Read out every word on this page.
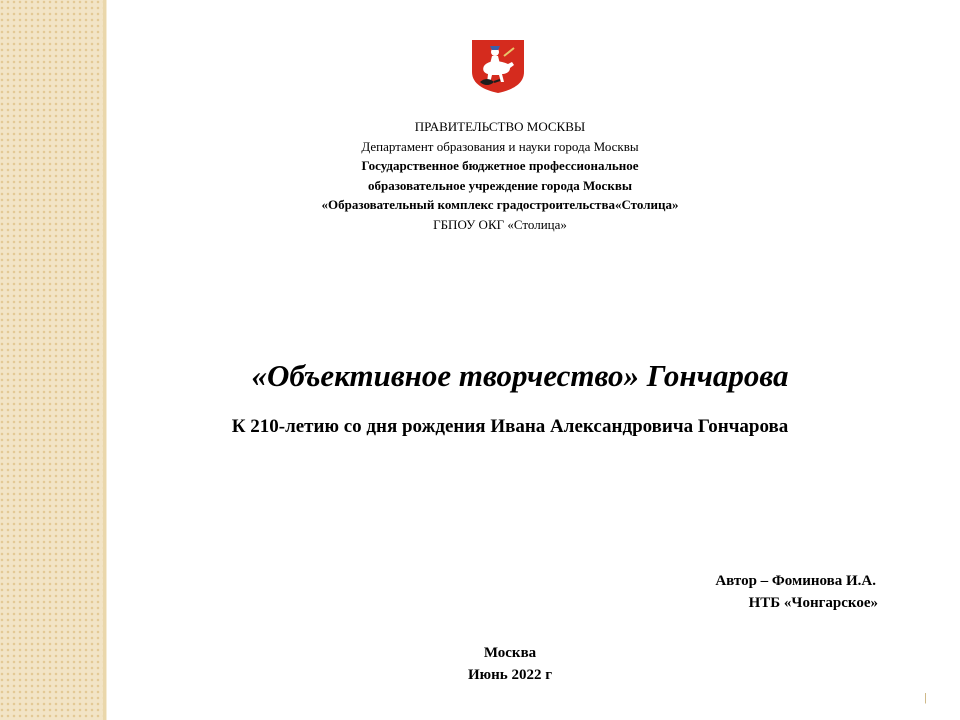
ПРАВИТЕЛЬСТВО МОСКВЫ
Департамент образования и науки города Москвы
Государственное бюджетное профессиональное
образовательное учреждение города Москвы
«Образовательный комплекс градостроительства«Столица»
ГБПОУ ОКГ «Столица»
«Объективное творчество» Гончарова
К 210-летию со дня рождения Ивана Александровича Гончарова
Автор – Фоминова И.А.
НТБ «Чонгарское»
Москва
Июнь 2022 г
|
